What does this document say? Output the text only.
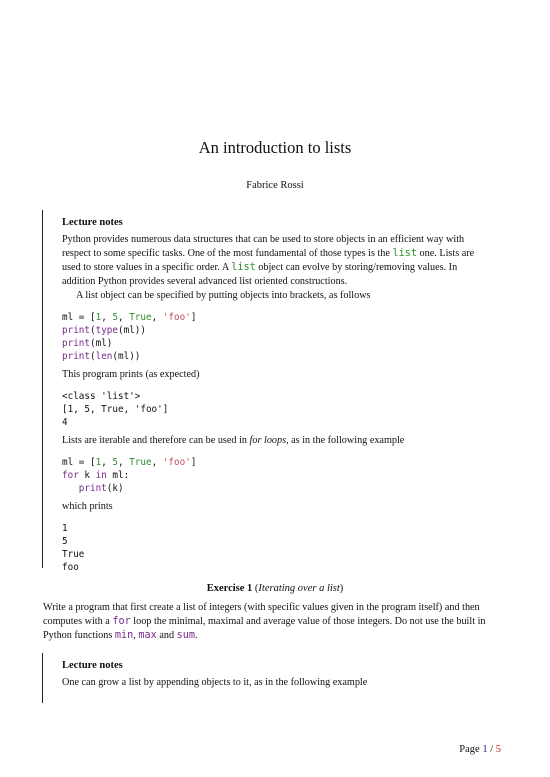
An introduction to lists
Fabrice Rossi
Lecture notes
Python provides numerous data structures that can be used to store objects in an efficient way with respect to some specific tasks. One of the most fundamental of those types is the list one. Lists are used to store values in a specific order. A list object can evolve by storing/removing values. In addition Python provides several advanced list oriented constructions.
A list object can be specified by putting objects into brackets, as follows
ml = [1, 5, True, 'foo']
print(type(ml))
print(ml)
print(len(ml))
This program prints (as expected)
<class 'list'>
[1, 5, True, 'foo']
4
Lists are iterable and therefore can be used in for loops, as in the following example
ml = [1, 5, True, 'foo']
for k in ml:
print(k)
which prints
1
5
True
foo
Exercise 1 (Iterating over a list)
Write a program that first create a list of integers (with specific values given in the program itself) and then computes with a for loop the minimal, maximal and average value of those integers. Do not use the built in Python functions min, max and sum.
Lecture notes
One can grow a list by appending objects to it, as in the following example
Page 1 / 5
